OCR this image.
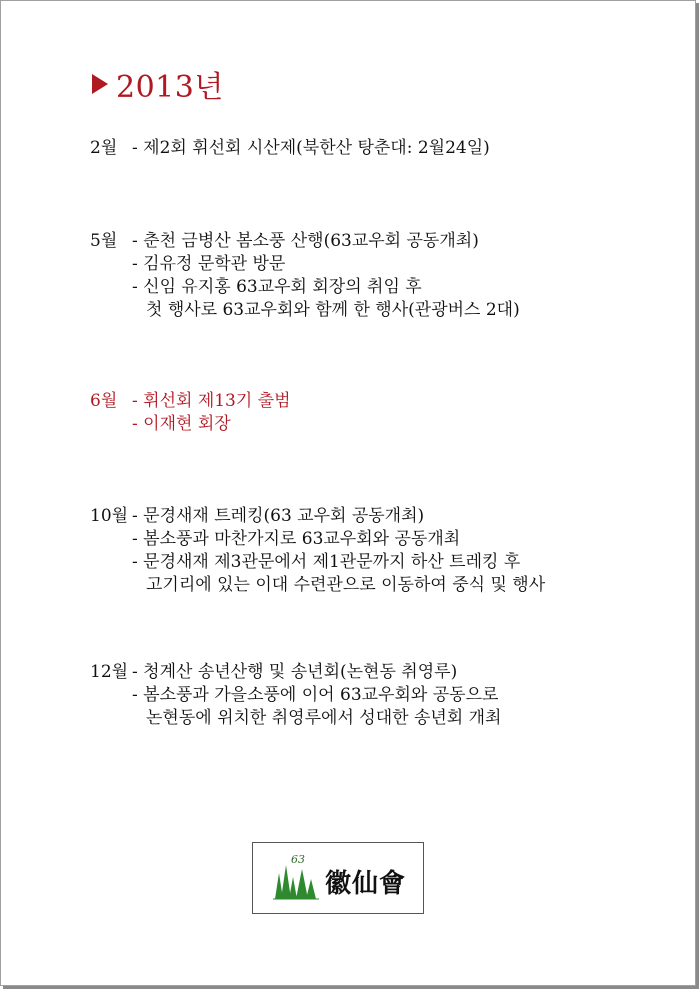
2013년
2월 - 제2회 휘선회 시산제(북한산 탕춘대: 2월24일)
5월 - 춘천 금병산 봄소풍 산행(63교우회 공동개최)
- 김유정 문학관 방문
- 신임 유지홍 63교우회 회장의 취임 후
첫 행사로 63교우회와 함께 한 행사(관광버스 2대)
6월 - 휘선회 제13기 출범
- 이재현 회장
10월 - 문경새재 트레킹(63 교우회 공동개최)
- 봄소풍과 마찬가지로 63교우회와 공동개최
- 문경새재 제3관문에서 제1관문까지 하산 트레킹 후
고기리에 있는 이대 수련관으로 이동하여 중식 및 행사
12월 - 청계산 송년산행 및 송년회(논현동 취영루)
- 봄소풍과 가을소풍에 이어 63교우회와 공동으로
논현동에 위치한 취영루에서 성대한 송년회 개최
63
徽仙會
